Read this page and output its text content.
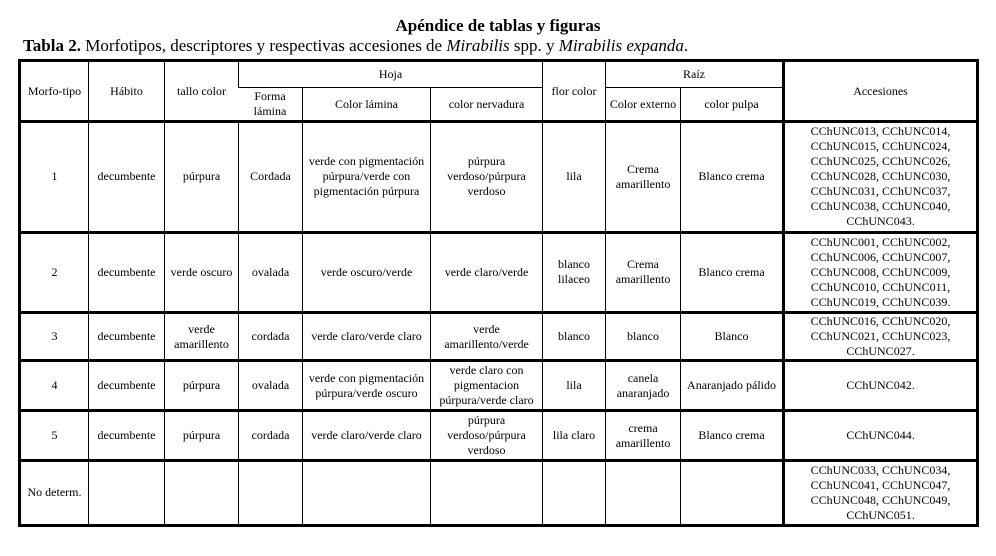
Apéndice de tablas y figuras
Tabla 2. Morfotipos, descriptores y respectivas accesiones de Mirabilis spp. y Mirabilis expanda.
Morfo-tipo	Hábito	tallo color	Hoja			flor color	Raíz		Accesiones
			Forma lámina	Color lámina	color nervadura		Color externo	color pulpa	
1	decumbente	púrpura	Cordada	verde con pigmentación púrpura/verde con pigmentación púrpura	púrpura verdoso/púrpura verdoso	lila	Crema amarillento	Blanco crema	CChUNC013, CChUNC014, CChUNC015, CChUNC024, CChUNC025, CChUNC026, CChUNC028, CChUNC030, CChUNC031, CChUNC037, CChUNC038, CChUNC040, CChUNC043.
2	decumbente	verde oscuro	ovalada	verde oscuro/verde	verde claro/verde	blanco lilaceo	Crema amarillento	Blanco crema	CChUNC001, CChUNC002, CChUNC006, CChUNC007, CChUNC008, CChUNC009, CChUNC010, CChUNC011, CChUNC019, CChUNC039.
3	decumbente	verde amarillento	cordada	verde claro/verde claro	verde amarillento/verde	blanco	blanco	Blanco	CChUNC016, CChUNC020, CChUNC021, CChUNC023, CChUNC027.
4	decumbente	púrpura	ovalada	verde con pigmentación púrpura/verde oscuro	verde claro con pigmentacion púrpura/verde claro	lila	canela anaranjado	Anaranjado pálido	CChUNC042.
5	decumbente	púrpura	cordada	verde claro/verde claro	púrpura verdoso/púrpura verdoso	lila claro	crema amarillento	Blanco crema	CChUNC044.
No determ.									CChUNC033, CChUNC034, CChUNC041, CChUNC047, CChUNC048, CChUNC049, CChUNC051.
